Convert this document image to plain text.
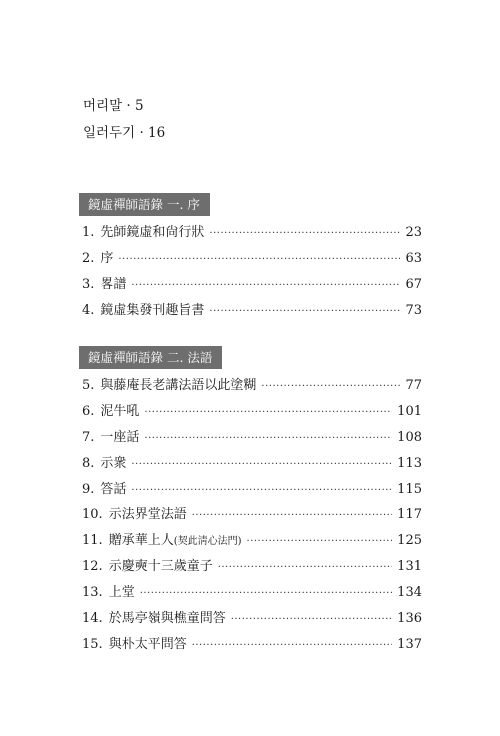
머리말 · 5
일러두기 · 16
鏡虛禪師語錄 一. 序
1. 先師鏡虛和尙行狀 ·····	23
2. 序 ·····	63
3. 畧譜 ·····	67
4. 鏡虛集發刊趣旨書 ·····	73
鏡虛禪師語錄 二. 法語
5. 與藤庵長老講法語以此塗糊 ·····	77
6. 泥牛吼 ·····	101
7. 一座話 ·····	108
8. 示衆 ·····	113
9. 答話 ·····	115
10. 示法界堂法語 ·····	117
11. 贈承華上人(契此淸心法門) ·····	125
12. 示慶奭十三歲童子 ·····	131
13. 上堂 ·····	134
14. 於馬亭嶺與樵童問答 ·····	136
15. 與朴太平問答 ·····	137
